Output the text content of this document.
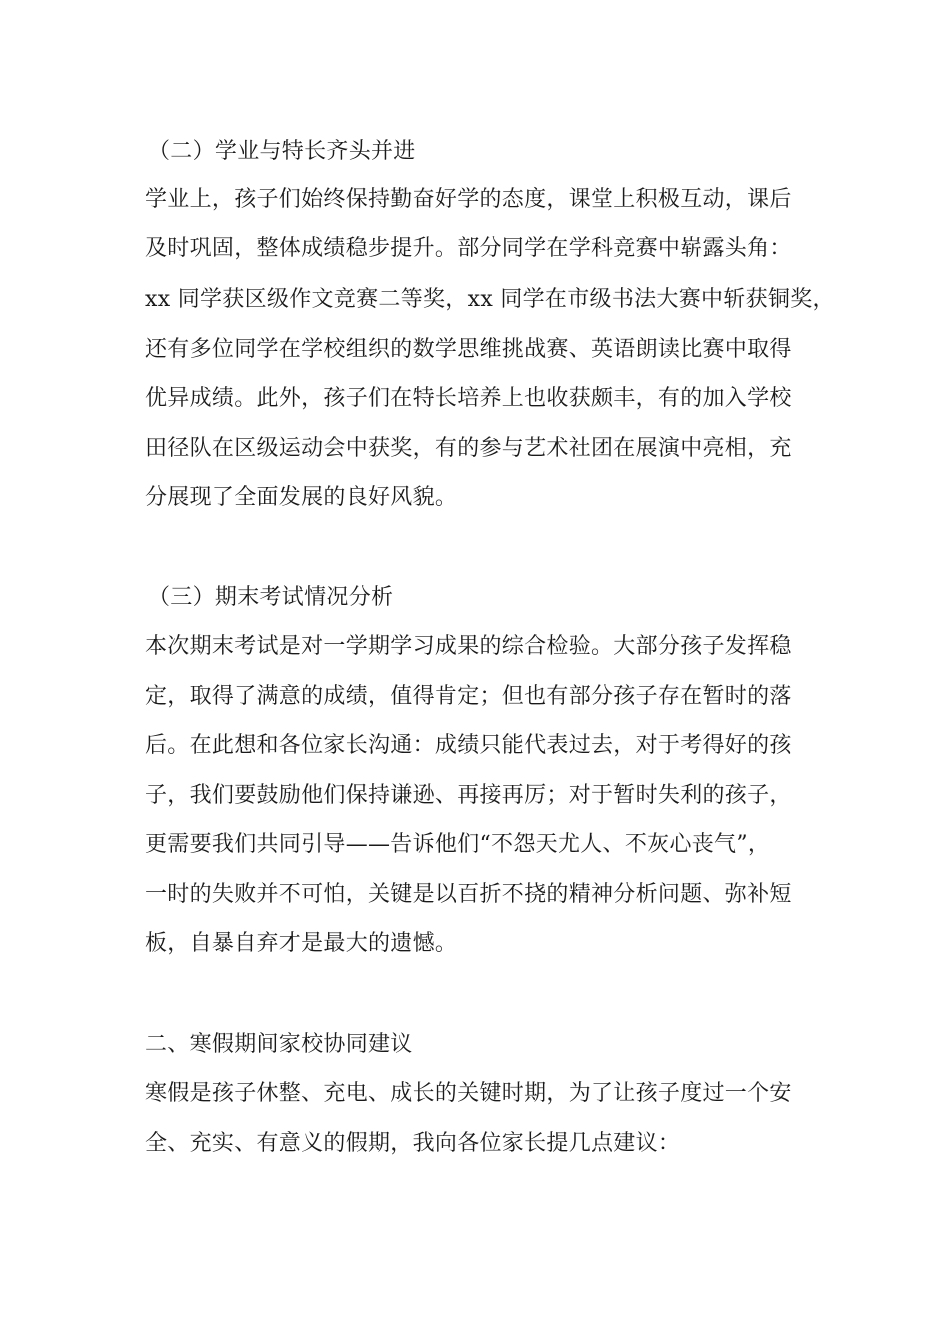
（二）学业与特长齐头并进

学业上，孩子们始终保持勤奋好学的态度，课堂上积极互动，课后

及时巩固，整体成绩稳步提升。部分同学在学科竞赛中崭露头角：

xx 同学获区级作文竞赛二等奖，xx 同学在市级书法大赛中斩获铜奖，

还有多位同学在学校组织的数学思维挑战赛、英语朗读比赛中取得

优异成绩。此外，孩子们在特长培养上也收获颇丰，有的加入学校

田径队在区级运动会中获奖，有的参与艺术社团在展演中亮相，充

分展现了全面发展的良好风貌。

（三）期末考试情况分析

本次期末考试是对一学期学习成果的综合检验。大部分孩子发挥稳

定，取得了满意的成绩，值得肯定；但也有部分孩子存在暂时的落

后。在此想和各位家长沟通：成绩只能代表过去，对于考得好的孩

子，我们要鼓励他们保持谦逊、再接再厉；对于暂时失利的孩子，

更需要我们共同引导——告诉他们“不怨天尤人、不灰心丧气”，

一时的失败并不可怕，关键是以百折不挠的精神分析问题、弥补短

板，自暴自弃才是最大的遗憾。

二、寒假期间家校协同建议

寒假是孩子休整、充电、成长的关键时期，为了让孩子度过一个安

全、充实、有意义的假期，我向各位家长提几点建议：
